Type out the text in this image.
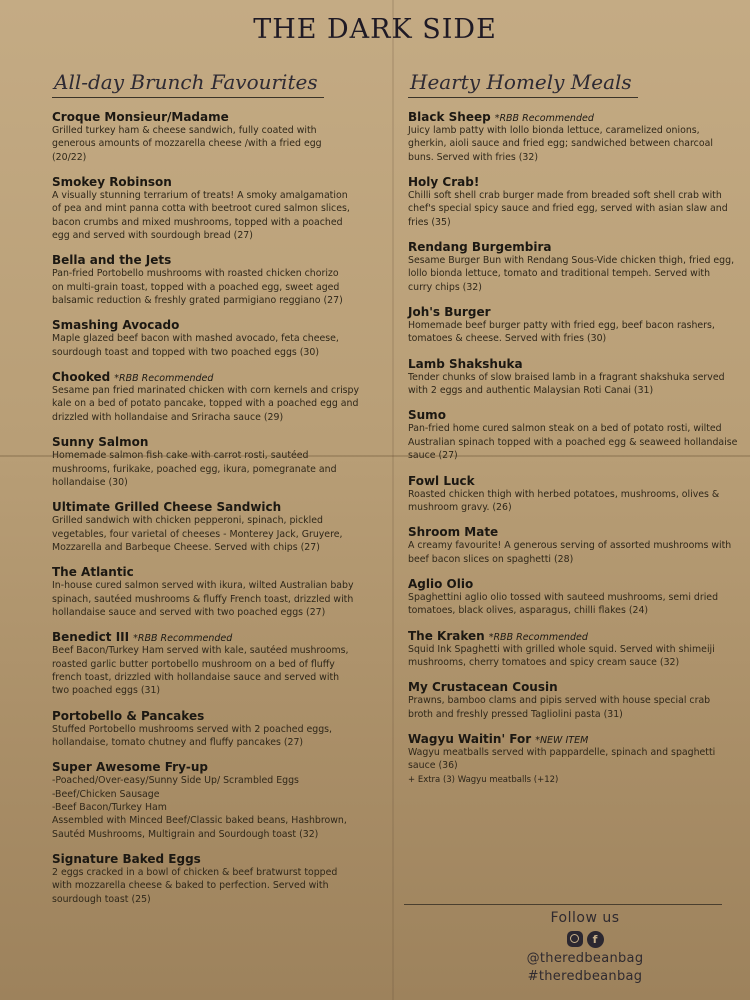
THE DARK SIDE
All-day Brunch Favourites
Croque Monsieur/Madame
Grilled turkey ham & cheese sandwich, fully coated with
generous amounts of mozzarella cheese /with a fried egg
(20/22)
Smokey Robinson
A visually stunning terrarium of treats! A smoky amalgamation
of pea and mint panna cotta with beetroot cured salmon slices,
bacon crumbs and mixed mushrooms, topped with a poached
egg and served with sourdough bread (27)
Bella and the Jets
Pan-fried Portobello mushrooms with roasted chicken chorizo
on multi-grain toast, topped with a poached egg, sweet aged
balsamic reduction & freshly grated parmigiano reggiano (27)
Smashing Avocado
Maple glazed beef bacon with mashed avocado, feta cheese,
sourdough toast and topped with two poached eggs (30)
Chooked *RBB Recommended
Sesame pan fried marinated chicken with corn kernels and crispy
kale on a bed of potato pancake, topped with a poached egg and
drizzled with hollandaise and Sriracha sauce (29)
Sunny Salmon
Homemade salmon fish cake with carrot rosti, sautéed
mushrooms, furikake, poached egg, ikura, pomegranate and
hollandaise (30)
Ultimate Grilled Cheese Sandwich
Grilled sandwich with chicken pepperoni, spinach, pickled
vegetables, four varietal of cheeses - Monterey Jack, Gruyere,
Mozzarella and Barbeque Cheese. Served with chips (27)
The Atlantic
In-house cured salmon served with ikura, wilted Australian baby
spinach, sautéed mushrooms & fluffy French toast, drizzled with
hollandaise sauce and served with two poached eggs (27)
Benedict III *RBB Recommended
Beef Bacon/Turkey Ham served with kale, sautéed mushrooms,
roasted garlic butter portobello mushroom on a bed of fluffy
french toast, drizzled with hollandaise sauce and served with
two poached eggs (31)
Portobello & Pancakes
Stuffed Portobello mushrooms served with 2 poached eggs,
hollandaise, tomato chutney and fluffy pancakes (27)
Super Awesome Fry-up
-Poached/Over-easy/Sunny Side Up/ Scrambled Eggs
-Beef/Chicken Sausage
-Beef Bacon/Turkey Ham
Assembled with Minced Beef/Classic baked beans, Hashbrown,
Sautéd Mushrooms, Multigrain and Sourdough toast (32)
Signature Baked Eggs
2 eggs cracked in a bowl of chicken & beef bratwurst topped
with mozzarella cheese & baked to perfection. Served with
sourdough toast (25)
Hearty Homely Meals
Black Sheep *RBB Recommended
Juicy lamb patty with lollo bionda lettuce, caramelized onions,
gherkin, aioli sauce and fried egg; sandwiched between charcoal
buns. Served with fries (32)
Holy Crab!
Chilli soft shell crab burger made from breaded soft shell crab with
chef's special spicy sauce and fried egg, served with asian slaw and
fries (35)
Rendang Burgembira
Sesame Burger Bun with Rendang Sous-Vide chicken thigh, fried egg,
lollo bionda lettuce, tomato and traditional tempeh. Served with
curry chips (32)
Joh's Burger
Homemade beef burger patty with fried egg, beef bacon rashers,
tomatoes & cheese. Served with fries (30)
Lamb Shakshuka
Tender chunks of slow braised lamb in a fragrant shakshuka served
with 2 eggs and authentic Malaysian Roti Canai (31)
Sumo
Pan-fried home cured salmon steak on a bed of potato rosti, wilted
Australian spinach topped with a poached egg & seaweed hollandaise
sauce (27)
Fowl Luck
Roasted chicken thigh with herbed potatoes, mushrooms, olives &
mushroom gravy. (26)
Shroom Mate
A creamy favourite! A generous serving of assorted mushrooms with
beef bacon slices on spaghetti (28)
Aglio Olio
Spaghettini aglio olio tossed with sauteed mushrooms, semi dried
tomatoes, black olives, asparagus, chilli flakes (24)
The Kraken *RBB Recommended
Squid Ink Spaghetti with grilled whole squid. Served with shimeiji
mushrooms, cherry tomatoes and spicy cream sauce (32)
My Crustacean Cousin
Prawns, bamboo clams and pipis served with house special crab
broth and freshly pressed Tagliolini pasta (31)
Wagyu Waitin' For *NEW ITEM
Wagyu meatballs served with pappardelle, spinach and spaghetti
sauce (36)
+ Extra (3) Wagyu meatballs (+12)
Follow us
f
@theredbeanbag
#theredbeanbag
